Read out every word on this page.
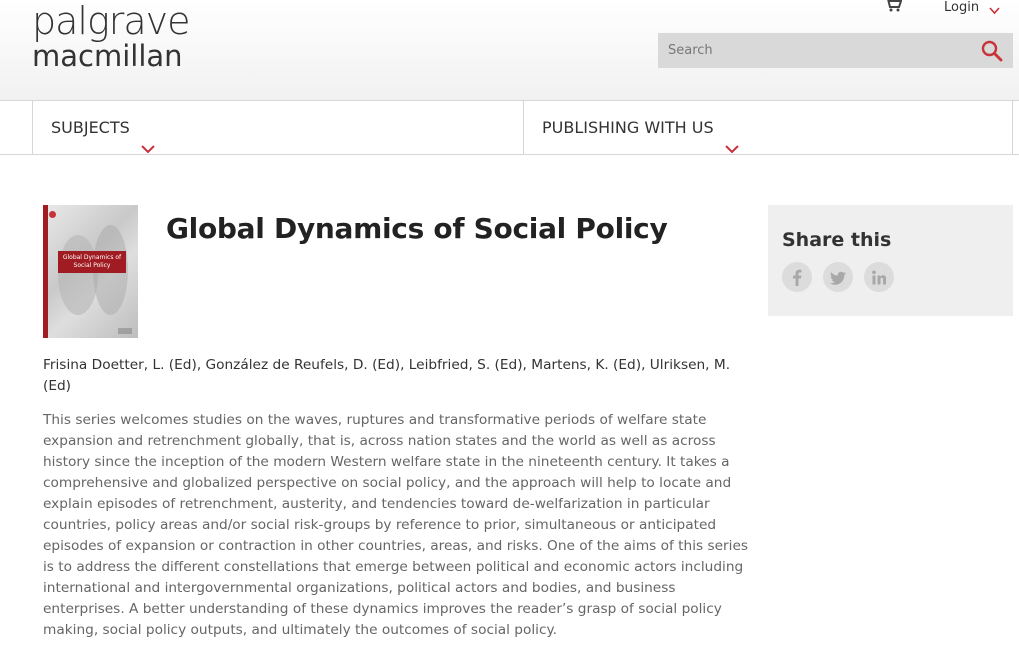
palgrave
macmillan
Login
Search
SUBJECTS	PUBLISHING WITH US
Global Dynamics of Social Policy
Global Dynamics of Social Policy

Frisina Doetter, L. (Ed), González de Reufels, D. (Ed), Leibfried, S. (Ed), Martens, K. (Ed), Ulriksen, M. (Ed)

This series welcomes studies on the waves, ruptures and transformative periods of welfare state expansion and retrenchment globally, that is, across nation states and the world as well as across history since the inception of the modern Western welfare state in the nineteenth century. It takes a comprehensive and globalized perspective on social policy, and the approach will help to locate and explain episodes of retrenchment, austerity, and tendencies toward de-welfarization in particular countries, policy areas and/or social risk-groups by reference to prior, simultaneous or anticipated episodes of expansion or contraction in other countries, areas, and risks. One of the aims of this series is to address the different constellations that emerge between political and economic actors including international and intergovernmental organizations, political actors and bodies, and business enterprises. A better understanding of these dynamics improves the reader’s grasp of social policy making, social policy outputs, and ultimately the outcomes of social policy.

Share this
